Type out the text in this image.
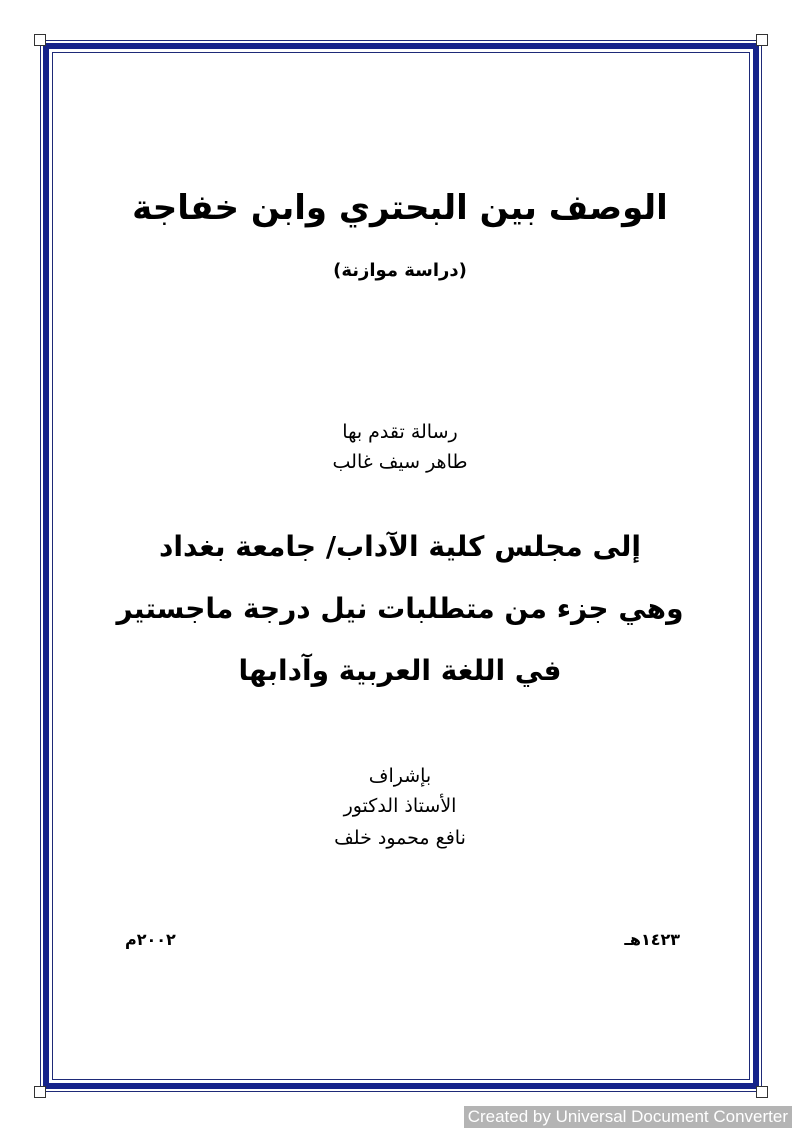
الوصف بين البحتري وابن خفاجة
(دراسة موازنة)
رسالة تقدم بها
طاهر سيف غالب
إلى مجلس كلية الآداب/ جامعة بغداد
وهي جزء من متطلبات نيل درجة ماجستير
في اللغة العربية وآدابها
بإشراف
الأستاذ الدكتور
نافع محمود خلف
١٤٢٣هـ
٢٠٠٢م
Created by Universal Document Converter
